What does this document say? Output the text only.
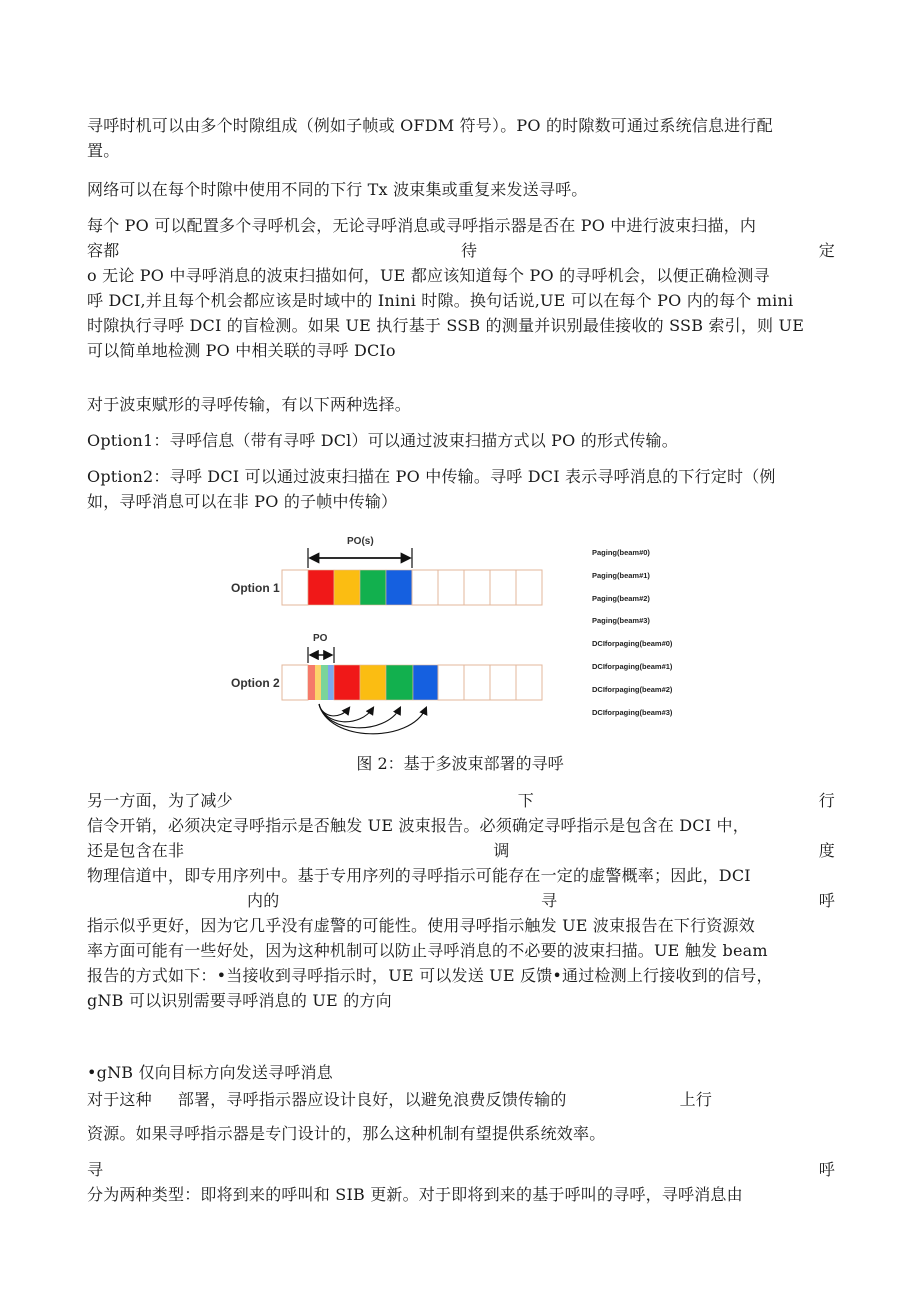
寻呼时机可以由多个时隙组成（例如子帧或 OFDM 符号）。PO 的时隙数可通过系统信息进行配
置。
网络可以在每个时隙中使用不同的下行 Tx 波束集或重复来发送寻呼。
每个 PO 可以配置多个寻呼机会，无论寻呼消息或寻呼指示器是否在 PO 中进行波束扫描，内
容都	待	定
o 无论 PO 中寻呼消息的波束扫描如何，UE 都应该知道每个 PO 的寻呼机会，以便正确检测寻
呼 DCI,并且每个机会都应该是时域中的 Inini 时隙。换句话说,UE 可以在每个 PO 内的每个 mini
时隙执行寻呼 DCI 的盲检测。如果 UE 执行基于 SSB 的测量并识别最佳接收的 SSB 索引，则 UE
可以简单地检测 PO 中相关联的寻呼 DCIo
对于波束赋形的寻呼传输，有以下两种选择。
Option1：寻呼信息（带有寻呼 DCl）可以通过波束扫描方式以 PO 的形式传输。
Option2：寻呼 DCI 可以通过波束扫描在 PO 中传输。寻呼 DCI 表示寻呼消息的下行定时（例
如，寻呼消息可以在非 PO 的子帧中传输）
Option 1
Option 2
PO(s)
PO
Paging(beam#0)
Paging(beam#1)
Paging(beam#2)
Paging(beam#3)
DCIforpaging(beam#0)
DCIforpaging(beam#1)
DCIforpaging(beam#2)
DCIforpaging(beam#3)
图 2：基于多波束部署的寻呼
另一方面，为了减少	下	行
信令开销，必须决定寻呼指示是否触发 UE 波束报告。必须确定寻呼指示是包含在 DCI 中，
还是包含在非	调	度
物理信道中，即专用序列中。基于专用序列的寻呼指示可能存在一定的虚警概率；因此，DCI
内的	寻	呼
指示似乎更好，因为它几乎没有虚警的可能性。使用寻呼指示触发 UE 波束报告在下行资源效
率方面可能有一些好处，因为这种机制可以防止寻呼消息的不必要的波束扫描。UE 触发 beam
报告的方式如下：•当接收到寻呼指示时，UE 可以发送 UE 反馈•通过检测上行接收到的信号，
gNB 可以识别需要寻呼消息的 UE 的方向
•gNB 仅向目标方向发送寻呼消息
对于这种 部署，寻呼指示器应设计良好，以避免浪费反馈传输的	上行
资源。如果寻呼指示器是专门设计的，那么这种机制有望提供系统效率。
寻	呼
分为两种类型：即将到来的呼叫和 SIB 更新。对于即将到来的基于呼叫的寻呼，寻呼消息由
